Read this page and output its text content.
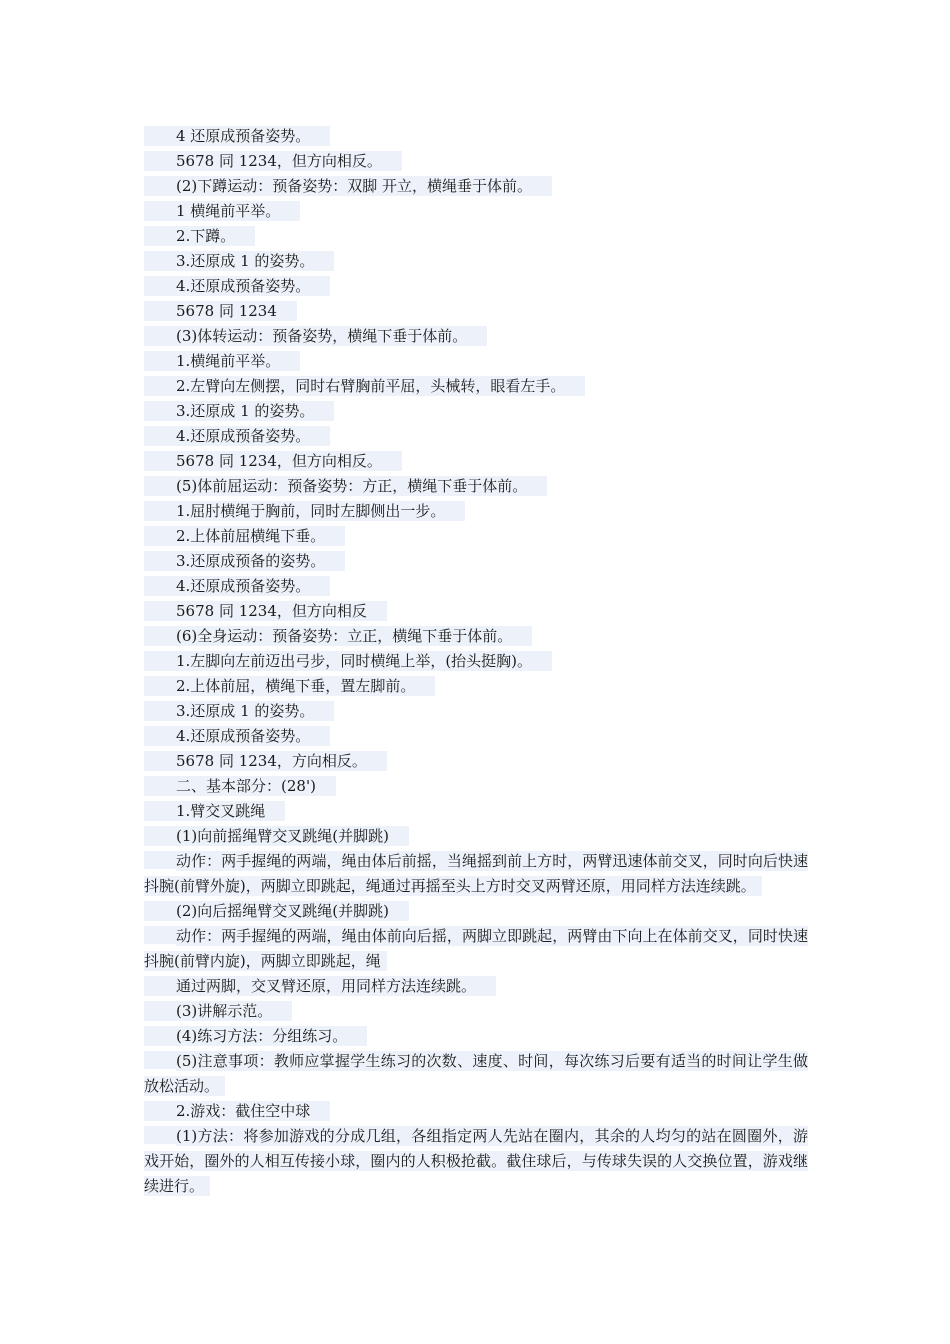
4 还原成预备姿势。
5678 同 1234，但方向相反。
(2)下蹲运动：预备姿势：双脚 开立，横绳垂于体前。
1 横绳前平举。
2.下蹲。
3.还原成 1 的姿势。
4.还原成预备姿势。
5678 同 1234
(3)体转运动：预备姿势，横绳下垂于体前。
1.横绳前平举。
2.左臂向左侧摆，同时右臂胸前平屈，头械转，眼看左手。
3.还原成 1 的姿势。
4.还原成预备姿势。
5678 同 1234，但方向相反。
(5)体前屈运动：预备姿势：方正，横绳下垂于体前。
1.屈肘横绳于胸前，同时左脚侧出一步。
2.上体前屈横绳下垂。
3.还原成预备的姿势。
4.还原成预备姿势。
5678 同 1234，但方向相反
(6)全身运动：预备姿势：立正，横绳下垂于体前。
1.左脚向左前迈出弓步，同时横绳上举，(抬头挺胸)。
2.上体前屈，横绳下垂，置左脚前。
3.还原成 1 的姿势。
4.还原成预备姿势。
5678 同 1234，方向相反。
二、基本部分：(28')
1.臂交叉跳绳
(1)向前摇绳臂交叉跳绳(并脚跳)
动作：两手握绳的两端，绳由体后前摇，当绳摇到前上方时，两臂迅速体前交叉，同时向后快速抖腕(前臂外旋)，两脚立即跳起，绳通过再摇至头上方时交叉两臂还原，用同样方法连续跳。
(2)向后摇绳臂交叉跳绳(并脚跳)
动作：两手握绳的两端，绳由体前向后摇，两脚立即跳起，两臂由下向上在体前交叉，同时快速抖腕(前臂内旋)，两脚立即跳起，绳
通过两脚，交叉臂还原，用同样方法连续跳。
(3)讲解示范。
(4)练习方法：分组练习。
(5)注意事项：教师应掌握学生练习的次数、速度、时间，每次练习后要有适当的时间让学生做放松活动。
2.游戏：截住空中球
(1)方法：将参加游戏的分成几组，各组指定两人先站在圈内，其余的人均匀的站在圆圈外，游戏开始，圈外的人相互传接小球，圈内的人积极抢截。截住球后，与传球失误的人交换位置，游戏继续进行。
